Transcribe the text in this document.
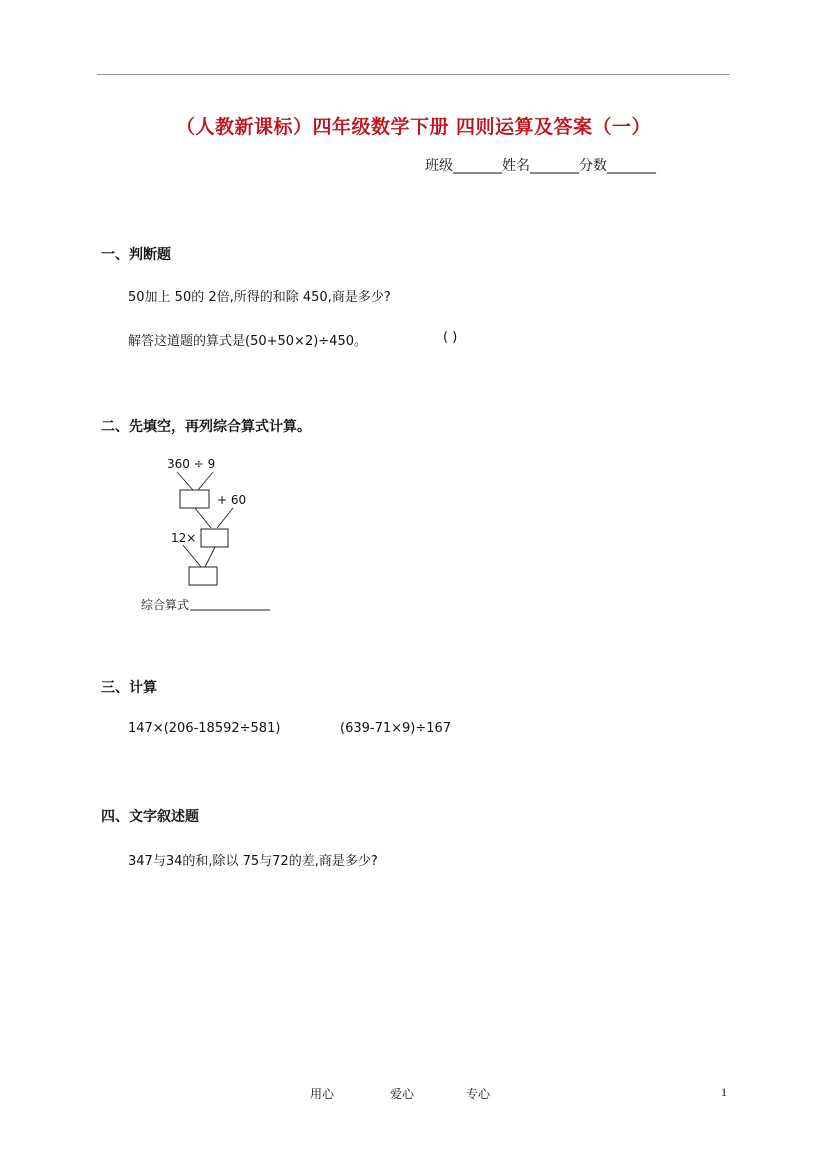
（人教新课标）四年级数学下册 四则运算及答案（一）
班级_______姓名_______分数_______
一、判断题
50加上 50的 2倍,所得的和除 450,商是多少?
解答这道题的算式是(50+50×2)÷450。	( )
二、先填空，再列综合算式计算。
360 ÷ 9
+ 60
12×
综合算式
三、计算
147×(206-18592÷581)	(639-71×9)÷167
四、文字叙述题
347与34的和,除以 75与72的差,商是多少?
用心	爱心	专心	1
